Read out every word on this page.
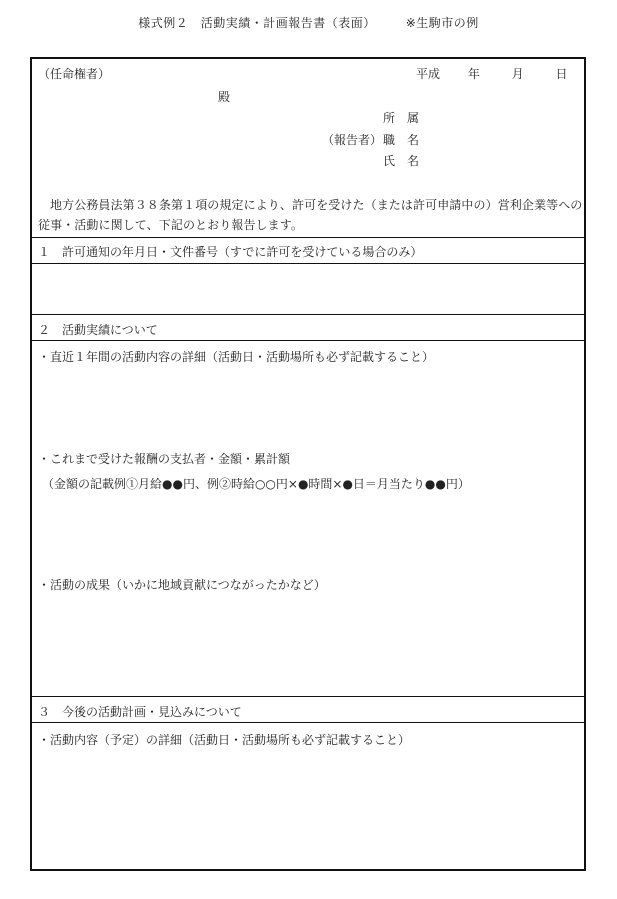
様式例２　活動実績・計画報告書（表面）	※生駒市の例
（任命権者）	平成 年	月	日
殿
所　属
（報告者） 職　名
氏　名
地方公務員法第３８条第１項の規定により、許可を受けた（または許可申請中の）営利企業等への従事・活動に関して、下記のとおり報告します。
１　許可通知の年月日・文件番号（すでに許可を受けている場合のみ）
２　活動実績について
・直近１年間の活動内容の詳細（活動日・活動場所も必ず記載すること）
・これまで受けた報酬の支払者・金額・累計額
（金額の記載例①月給●●円、例②時給○○円×●時間×●日＝月当たり●●円）
・活動の成果（いかに地域貢献につながったかなど）
３　今後の活動計画・見込みについて
・活動内容（予定）の詳細（活動日・活動場所も必ず記載すること）
